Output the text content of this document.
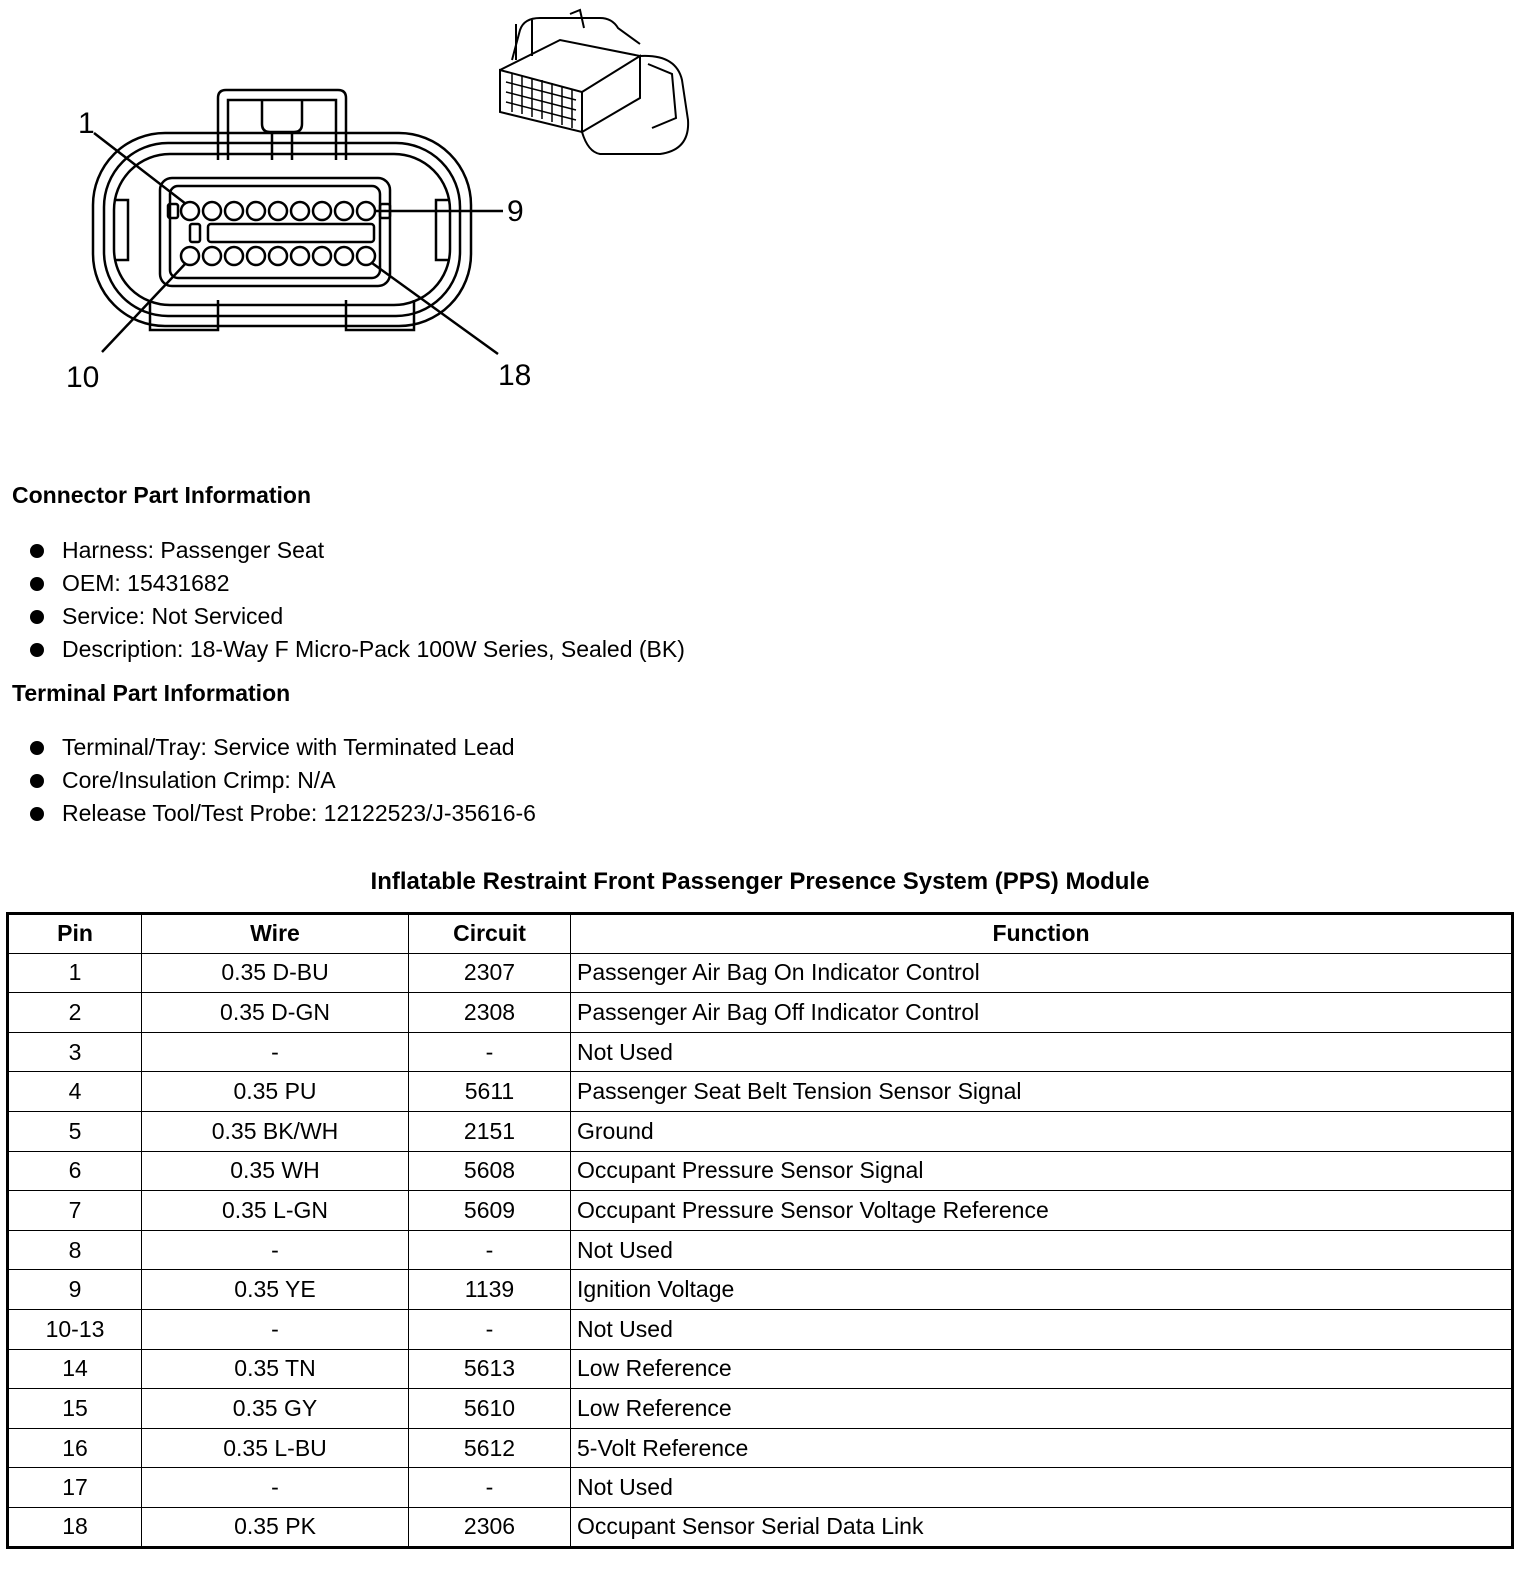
1
9
10	18
Connector Part Information
Harness: Passenger Seat
OEM: 15431682
Service: Not Serviced
Description: 18-Way F Micro-Pack 100W Series, Sealed (BK)
Terminal Part Information
Terminal/Tray: Service with Terminated Lead
Core/Insulation Crimp: N/A
Release Tool/Test Probe: 12122523/J-35616-6
Inflatable Restraint Front Passenger Presence System (PPS) Module
Pin	Wire	Circuit	Function
1	0.35 D-BU	2307	Passenger Air Bag On Indicator Control
2	0.35 D-GN	2308	Passenger Air Bag Off Indicator Control
3	-	-	Not Used
4	0.35 PU	5611	Passenger Seat Belt Tension Sensor Signal
5	0.35 BK/WH	2151	Ground
6	0.35 WH	5608	Occupant Pressure Sensor Signal
7	0.35 L-GN	5609	Occupant Pressure Sensor Voltage Reference
8	-	-	Not Used
9	0.35 YE	1139	Ignition Voltage
10-13	-	-	Not Used
14	0.35 TN	5613	Low Reference
15	0.35 GY	5610	Low Reference
16	0.35 L-BU	5612	5-Volt Reference
17	-	-	Not Used
18	0.35 PK	2306	Occupant Sensor Serial Data Link
